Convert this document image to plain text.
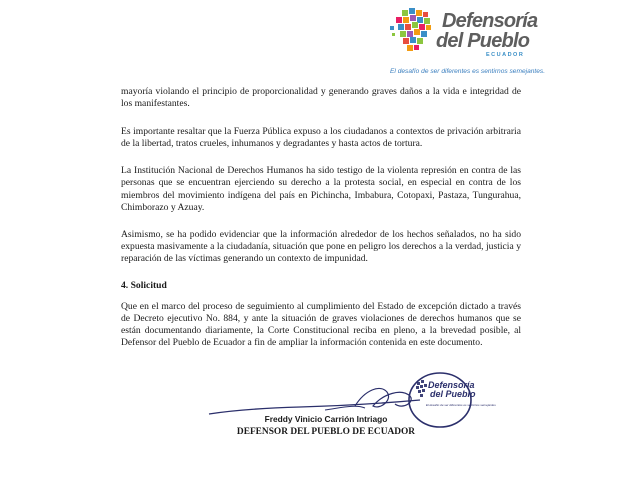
Defensoría
del Pueblo
ECUADOR
El desafío de ser diferentes es sentirnos semejantes.

mayoría violando el principio de proporcionalidad y generando graves daños a la vida e integridad de los manifestantes.

Es importante resaltar que la Fuerza Pública expuso a los ciudadanos a contextos de privación arbitraria de la libertad, tratos crueles, inhumanos y degradantes y hasta actos de tortura.

La Institución Nacional de Derechos Humanos ha sido testigo de la violenta represión en contra de las personas que se encuentran ejerciendo su derecho a la protesta social, en especial en contra de los miembros del movimiento indígena del país en Pichincha, Imbabura, Cotopaxi, Pastaza, Tungurahua, Chimborazo y Azuay.

Asimismo, se ha podido evidenciar que la información alrededor de los hechos señalados, no ha sido expuesta masivamente a la ciudadanía, situación que pone en peligro los derechos a la verdad, justicia y reparación de las víctimas generando un contexto de impunidad.

4. Solicitud

Que en el marco del proceso de seguimiento al cumplimiento del Estado de excepción dictado a través de Decreto ejecutivo No. 884, y ante la situación de graves violaciones de derechos humanos que se están documentando diariamente, la Corte Constitucional reciba en pleno, a la brevedad posible, al Defensor del Pueblo de Ecuador a fin de ampliar la información contenida en este documento.

Defensoría
del Pueblo
El desafío de ser diferentes es sentirnos semejantes
Freddy Vinicio Carrión Intriago
DEFENSOR DEL PUEBLO DE ECUADOR
